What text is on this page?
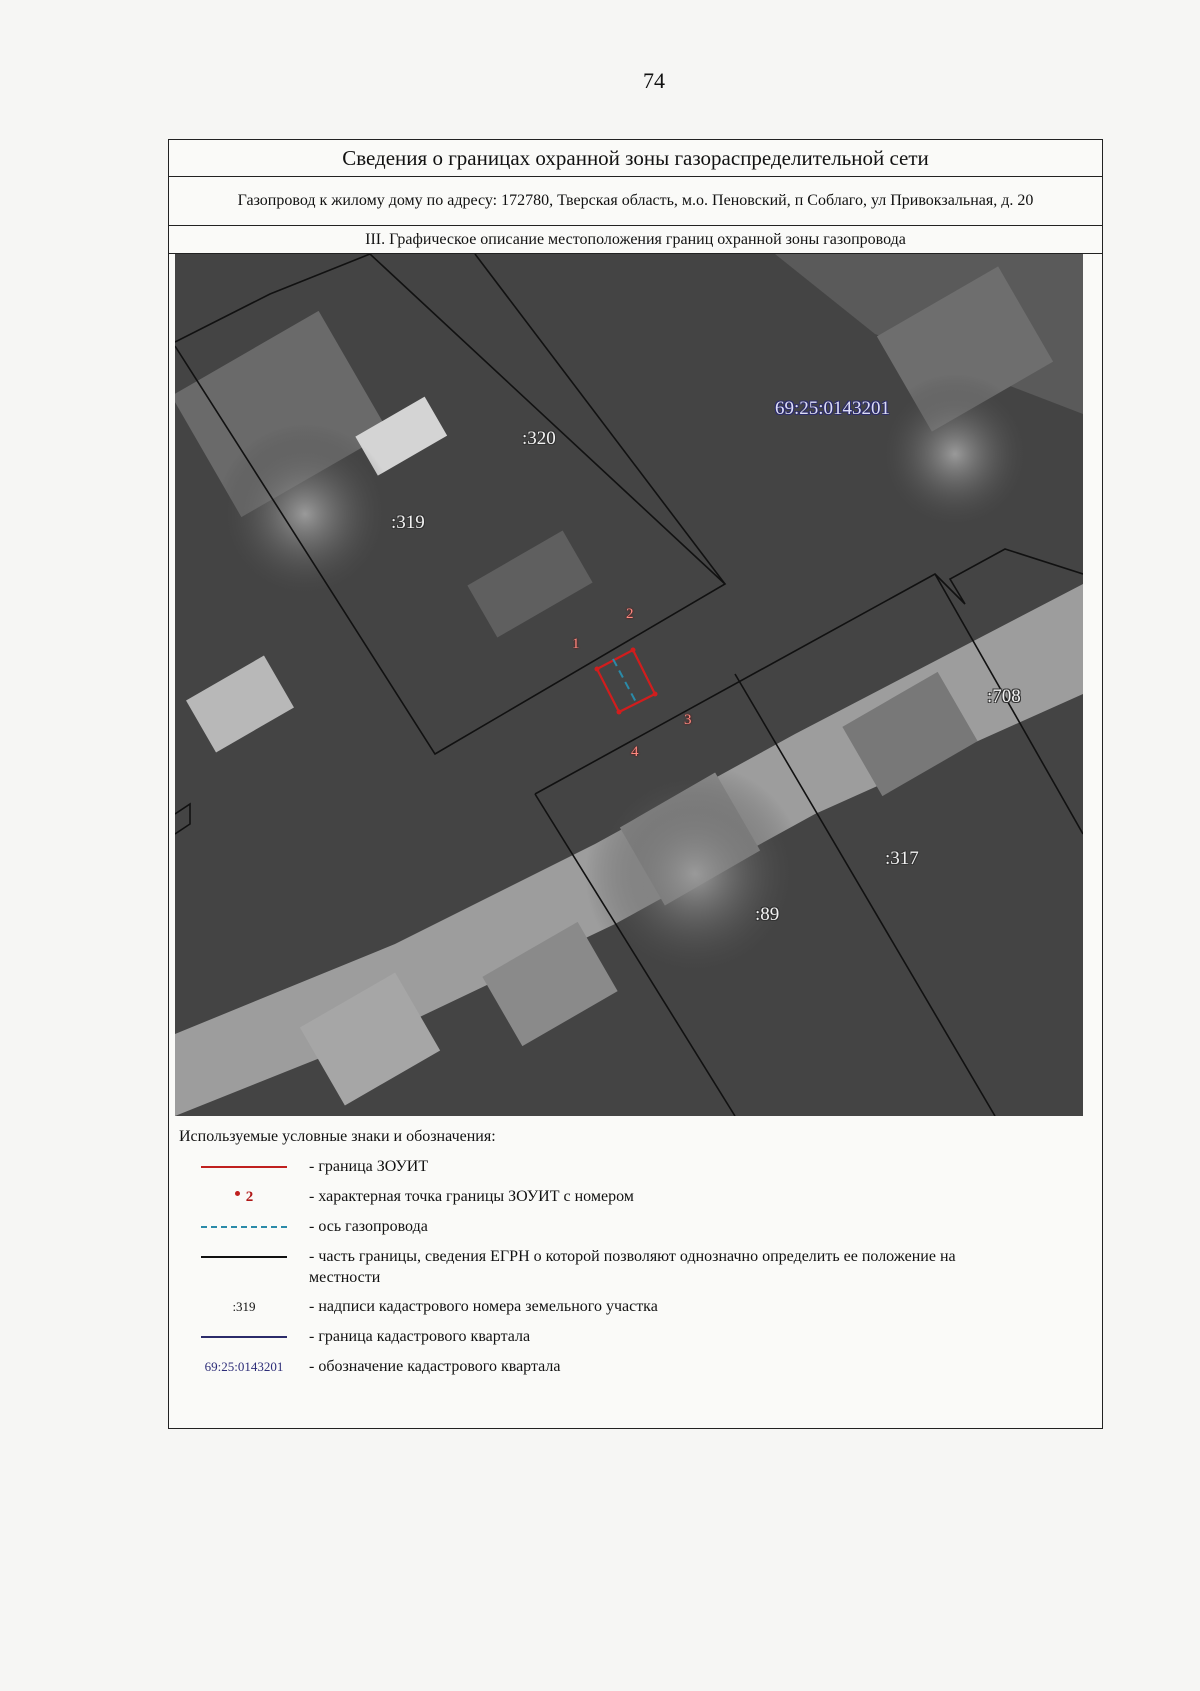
74
Сведения о границах охранной зоны газораспределительной сети
Газопровод к жилому дому по адресу: 172780, Тверская область, м.о. Пеновский, п Соблаго, ул Привокзальная, д. 20
III. Графическое описание местоположения границ охранной зоны газопровода
69:25:0143201
:320
:319
:708
:317
:89
1
2
3
4
Используемые условные знаки и обозначения:
- граница ЗОУИТ
2	- характерная точка границы ЗОУИТ с номером
- ось газопровода
- часть границы, сведения ЕГРН о которой позволяют однозначно определить ее положение на местности
:319	- надписи кадастрового номера земельного участка
- граница кадастрового квартала
69:25:0143201 - обозначение кадастрового квартала
